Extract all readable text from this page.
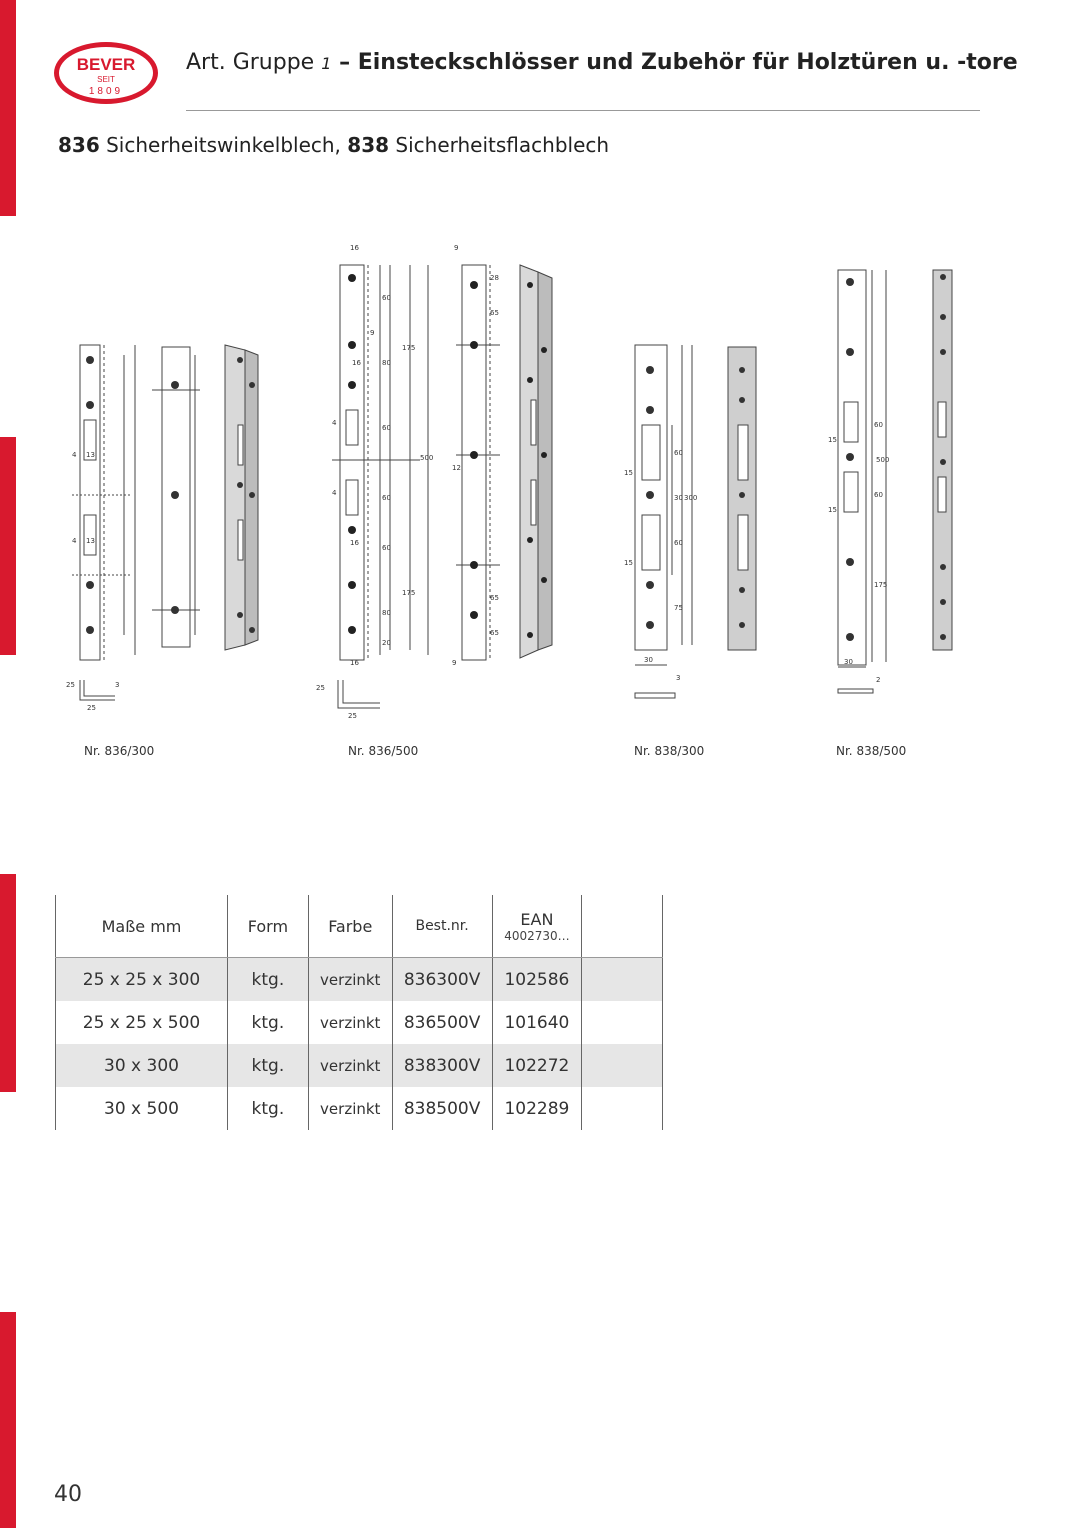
BEVER
SEIT
1809
Art. Gruppe 1 – Einsteckschlösser und Zubehör für Holztüren u. -tore
836 Sicherheitswinkelblech, 838 Sicherheitsflachblech
13
13
4
4
25
25	3
16
9
16
60
80
175
500
60
60
16
60
80
175
20
16
9
28
65
12
65
65
9
25
25
4
4
60
30 300
60
75
30
15
15
3
60
500
60
175
30
15
15
2
Nr. 836/300	Nr. 836/500	Nr. 838/300	Nr. 838/500
Maße mm	Form	Farbe	Best.nr.	EAN
4002730…	

25 x 25 x 300	ktg.	verzinkt	836300V	102586	
25 x 25 x 500	ktg.	verzinkt	836500V	101640	
30 x 300	ktg.	verzinkt	838300V	102272	
30 x 500	ktg.	verzinkt	838500V	102289	
40
